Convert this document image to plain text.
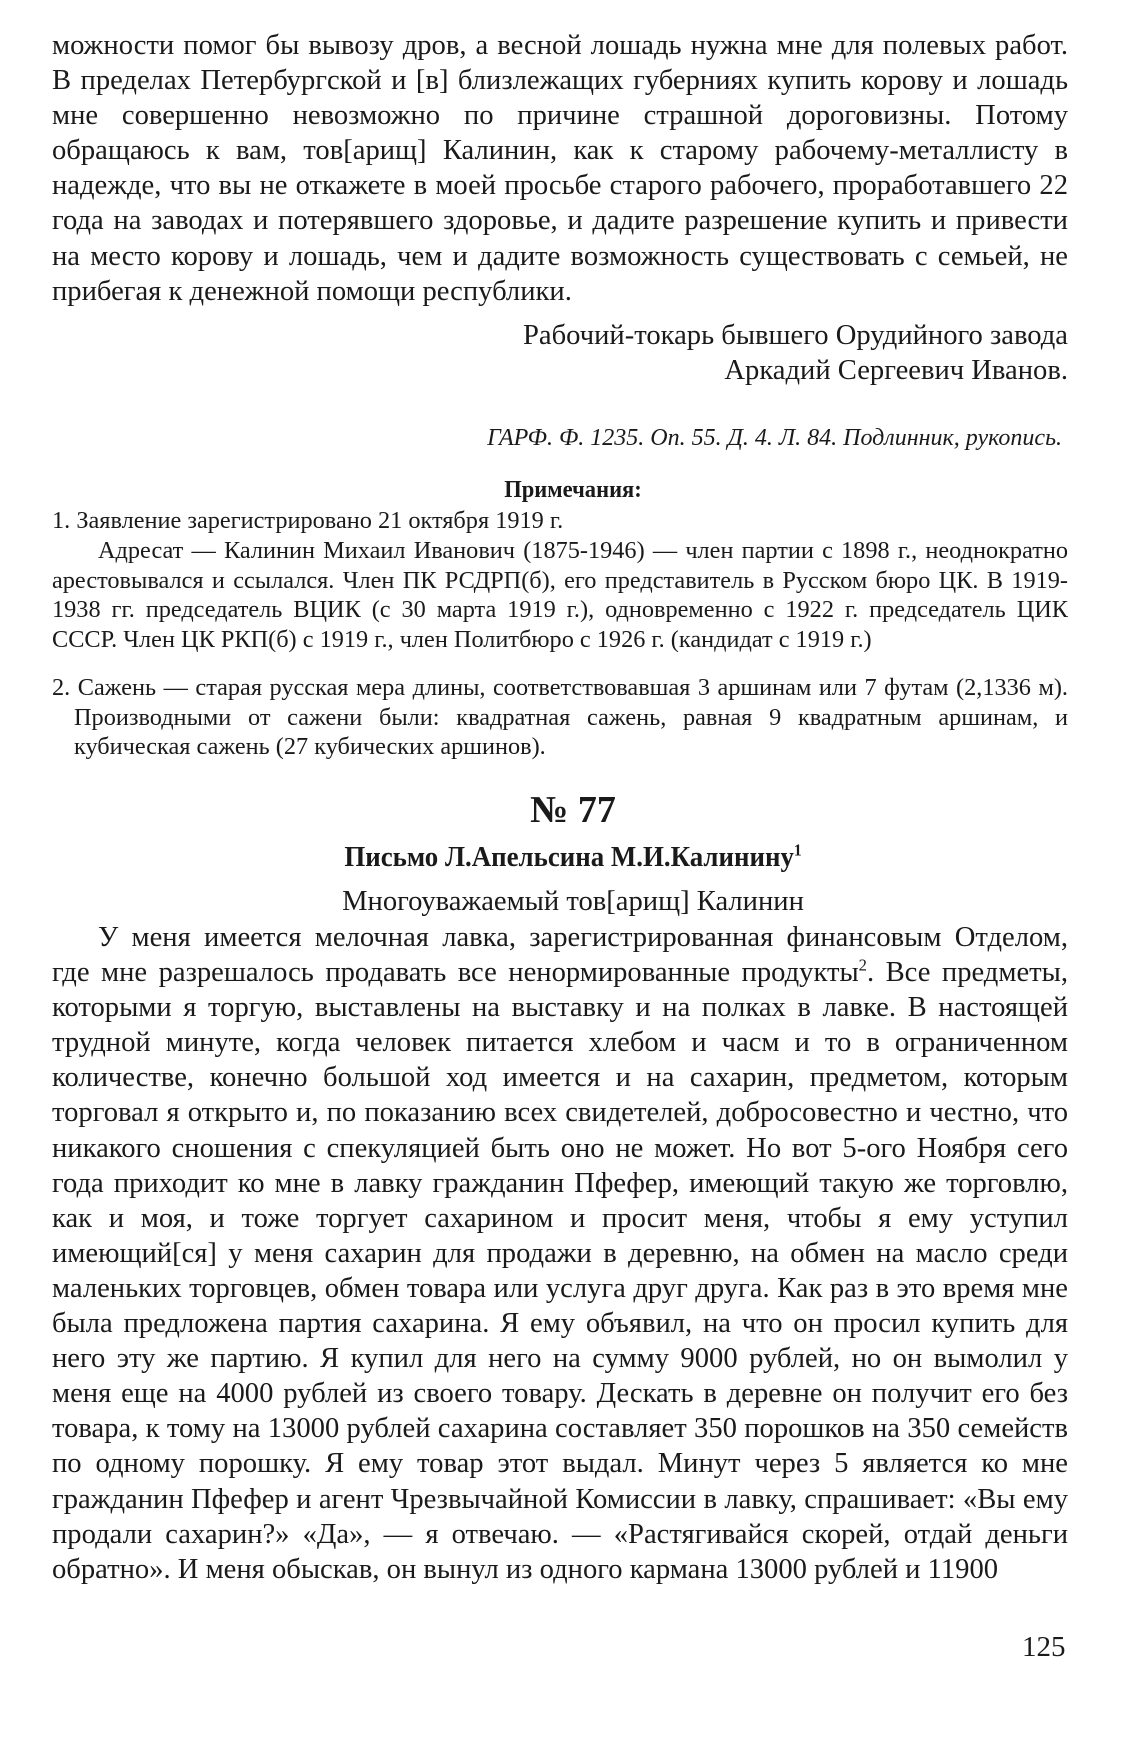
можности помог бы вывозу дров, а весной лошадь нужна мне для полевых работ. В пределах Петербургской и [в] близлежащих губерниях купить корову и лошадь мне совершенно невозможно по причине страшной дороговизны. Потому обращаюсь к вам, тов[арищ] Калинин, как к старому рабочему-металлисту в надежде, что вы не откажете в моей просьбе старого рабочего, проработавшего 22 года на заводах и потерявшего здоровье, и дадите разрешение купить и привести на место корову и лошадь, чем и дадите возможность существовать с семьей, не прибегая к денежной помощи республики.

Рабочий-токарь бывшего Орудийного завода
Аркадий Сергеевич Иванов.
ГАРФ. Ф. 1235. Оп. 55. Д. 4. Л. 84. Подлинник, рукопись.
Примечания:

1. Заявление зарегистрировано 21 октября 1919 г.

Адресат — Калинин Михаил Иванович (1875-1946) — член партии с 1898 г., неоднократно арестовывался и ссылался. Член ПК РСДРП(б), его представитель в Русском бюро ЦК. В 1919-1938 гг. председатель ВЦИК (с 30 марта 1919 г.), одновременно с 1922 г. председатель ЦИК СССР. Член ЦК РКП(б) с 1919 г., член Политбюро с 1926 г. (кандидат с 1919 г.)

2. Сажень — старая русская мера длины, соответствовавшая 3 аршинам или 7 футам (2,1336 м). Производными от сажени были: квадратная сажень, равная 9 квадратным аршинам, и кубическая сажень (27 кубических аршинов).

№ 77
Письмо Л.Апельсина М.И.Калинину$^1$
Многоуважаемый тов[арищ] Калинин

У меня имеется мелочная лавка, зарегистрированная финансовым Отделом, где мне разрешалось продавать все ненормированные продукты$^2$. Все предметы, которыми я торгую, выставлены на выставку и на полках в лавке. В настоящей трудной минуте, когда человек питается хлебом и часм и то в ограниченном количестве, конечно большой ход имеется и на сахарин, предметом, которым торговал я открыто и, по показанию всех свидетелей, добросовестно и честно, что никакого сношения с спекуляцией быть оно не может. Но вот 5-ого Ноября сего года приходит ко мне в лавку гражданин Пфефер, имеющий такую же торговлю, как и моя, и тоже торгует сахарином и просит меня, чтобы я ему уступил имеющий[ся] у меня сахарин для продажи в деревню, на обмен на масло среди маленьких торговцев, обмен товара или услуга друг друга. Как раз в это время мне была предложена партия сахарина. Я ему объявил, на что он просил купить для него эту же партию. Я купил для него на сумму 9000 рублей, но он вымолил у меня еще на 4000 рублей из своего товару. Дескать в деревне он получит его без товара, к тому на 13000 рублей сахарина составляет 350 порошков на 350 семейств по одному порошку. Я ему товар этот выдал. Минут через 5 является ко мне гражданин Пфефер и агент Чрезвычайной Комиссии в лавку, спрашивает: «Вы ему продали сахарин?» «Да», — я отвечаю. — «Растягивайся скорей, отдай деньги обратно». И меня обыскав, он вынул из одного кармана 13000 рублей и 11900

125
